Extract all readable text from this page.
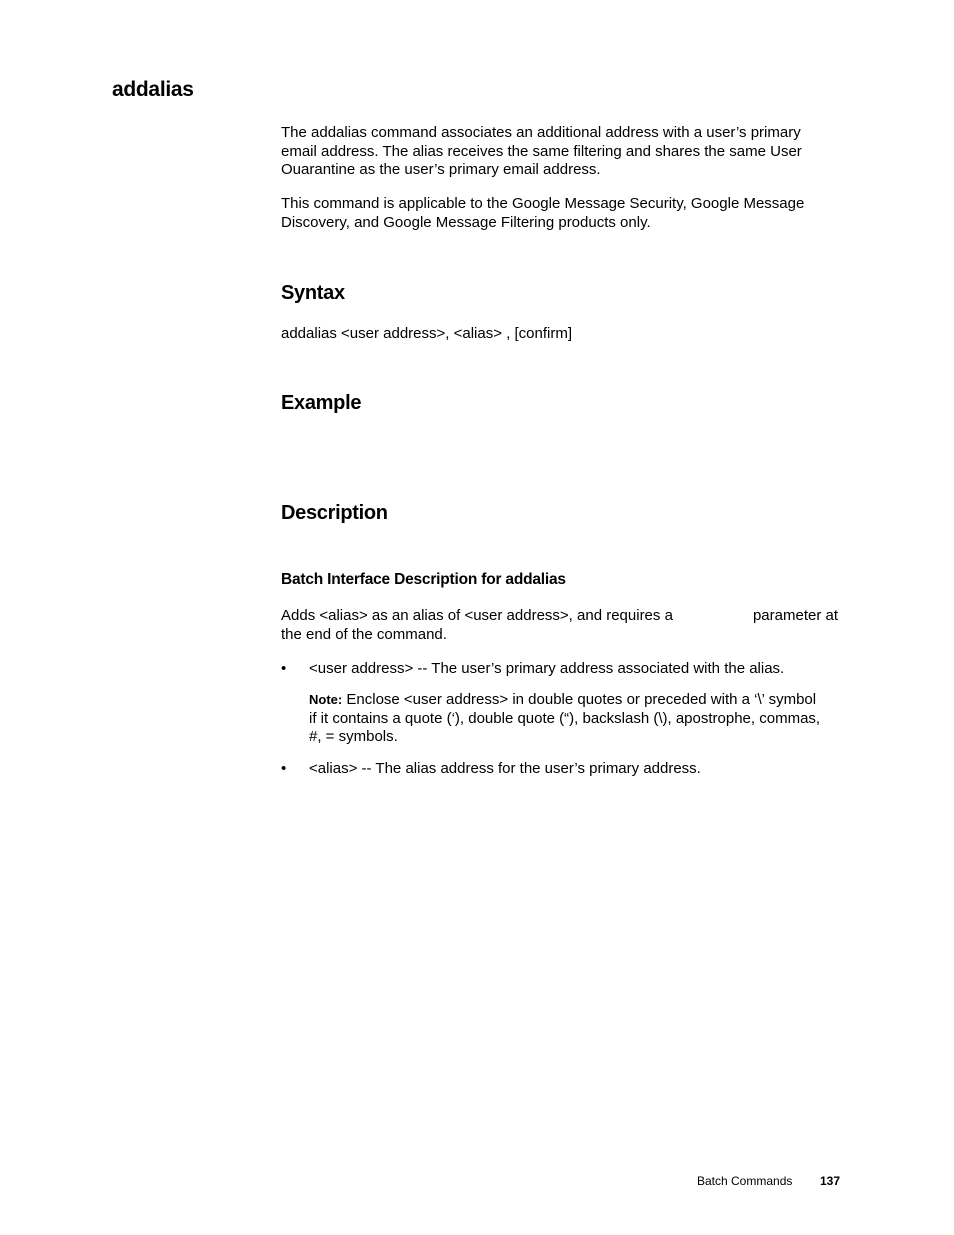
addalias

The addalias command associates an additional address with a user’s primary

email address. The alias receives the same filtering and shares the same User

Ouarantine as the user’s primary email address.

This command is applicable to the Google Message Security, Google Message

Discovery, and Google Message Filtering products only.

Syntax
addalias <user address>, <alias> , [confirm]
Example
Description
Batch Interface Description for addalias
Adds <alias> as an alias of <user address>, and requires a	parameter at

the end of the command.

• <user address> -- The user’s primary address associated with the alias.
Note: Enclose <user address> in double quotes or preceded with a ‘\’ symbol
if it contains a quote (‘), double quote (“), backslash (\), apostrophe, commas,
#, = symbols.
• <alias> -- The alias address for the user’s primary address.
Batch Commands 137
